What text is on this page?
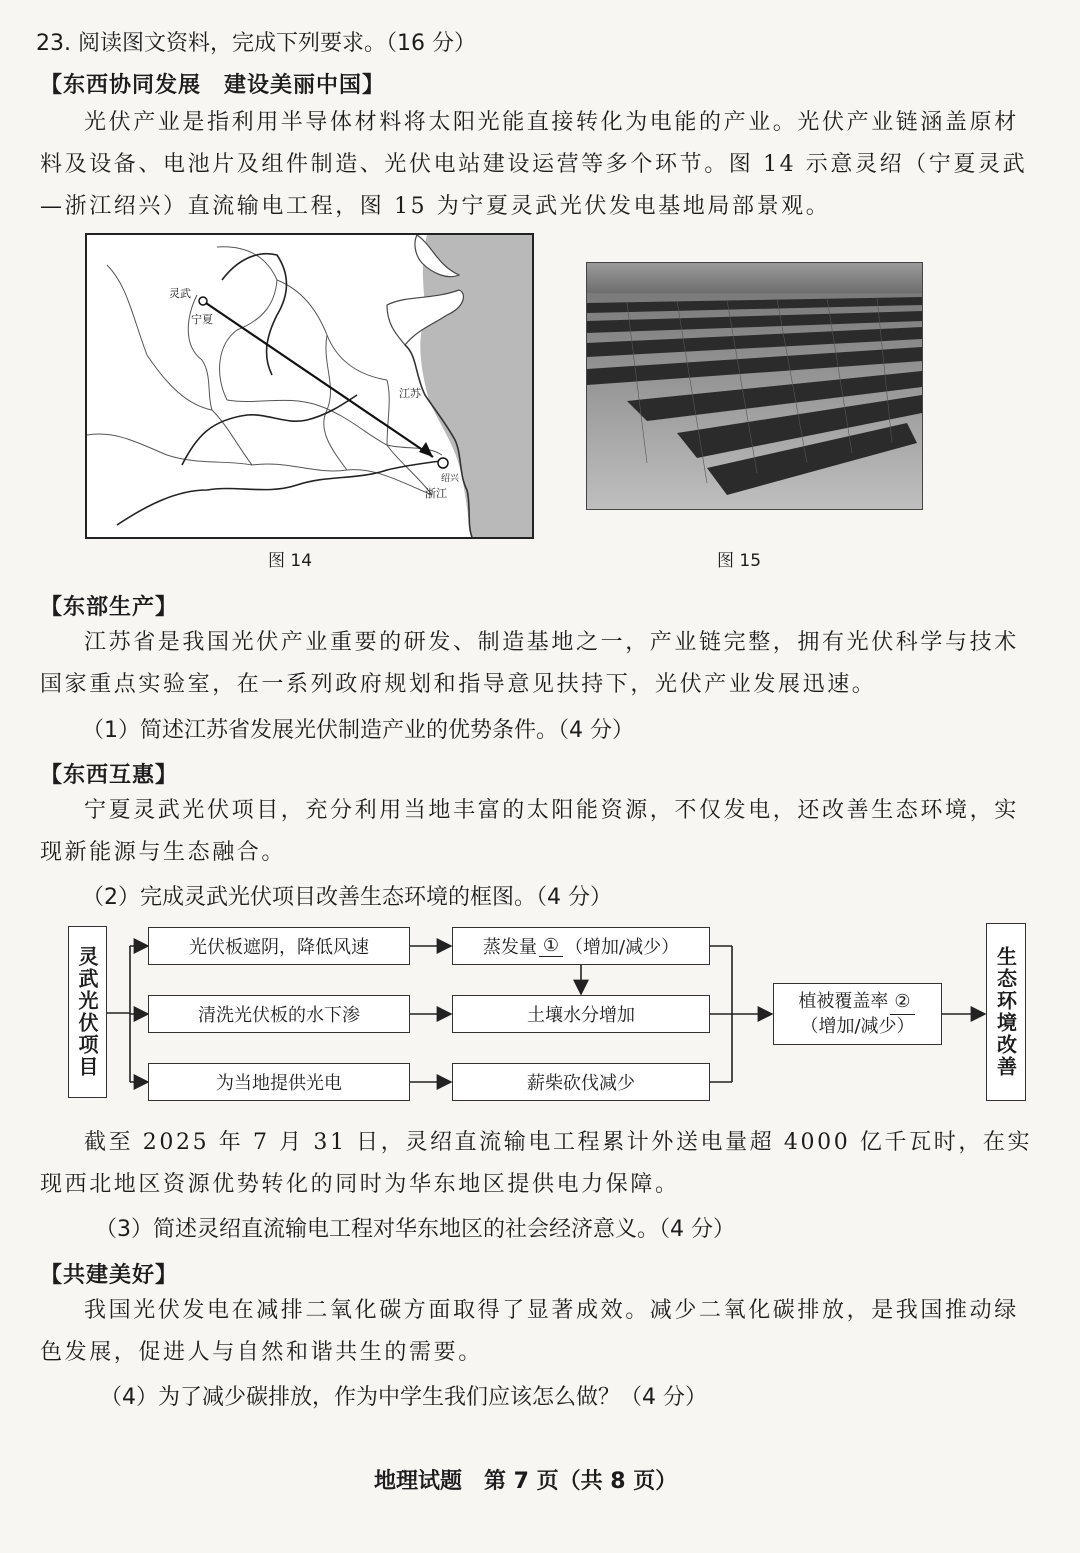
23. 阅读图文资料，完成下列要求。（16 分）
【东西协同发展　建设美丽中国】
光伏产业是指利用半导体材料将太阳光能直接转化为电能的产业。光伏产业链涵盖原材料及设备、电池片及组件制造、光伏电站建设运营等多个环节。图 14 示意灵绍（宁夏灵武—浙江绍兴）直流输电工程，图 15 为宁夏灵武光伏发电基地局部景观。
灵武
宁夏
江苏
绍兴
浙江
图 14	图 15
【东部生产】
江苏省是我国光伏产业重要的研发、制造基地之一，产业链完整，拥有光伏科学与技术国家重点实验室，在一系列政府规划和指导意见扶持下，光伏产业发展迅速。
（1）简述江苏省发展光伏制造产业的优势条件。（4 分）
【东西互惠】
宁夏灵武光伏项目，充分利用当地丰富的太阳能资源，不仅发电，还改善生态环境，实现新能源与生态融合。
（2）完成灵武光伏项目改善生态环境的框图。（4 分）
灵武光伏项目	光伏板遮阴，降低风速
清洗光伏板的水下渗
为当地提供光电
蒸发量 ① （增加/减少）
土壤水分增加
薪柴砍伐减少
植被覆盖率 ②
（增加/减少）	生态环境改善
截至 2025 年 7 月 31 日，灵绍直流输电工程累计外送电量超 4000 亿千瓦时，在实现西北地区资源优势转化的同时为华东地区提供电力保障。
（3）简述灵绍直流输电工程对华东地区的社会经济意义。（4 分）
【共建美好】
我国光伏发电在减排二氧化碳方面取得了显著成效。减少二氧化碳排放，是我国推动绿色发展，促进人与自然和谐共生的需要。
（4）为了减少碳排放，作为中学生我们应该怎么做？（4 分）
地理试题　第 7 页（共 8 页）
